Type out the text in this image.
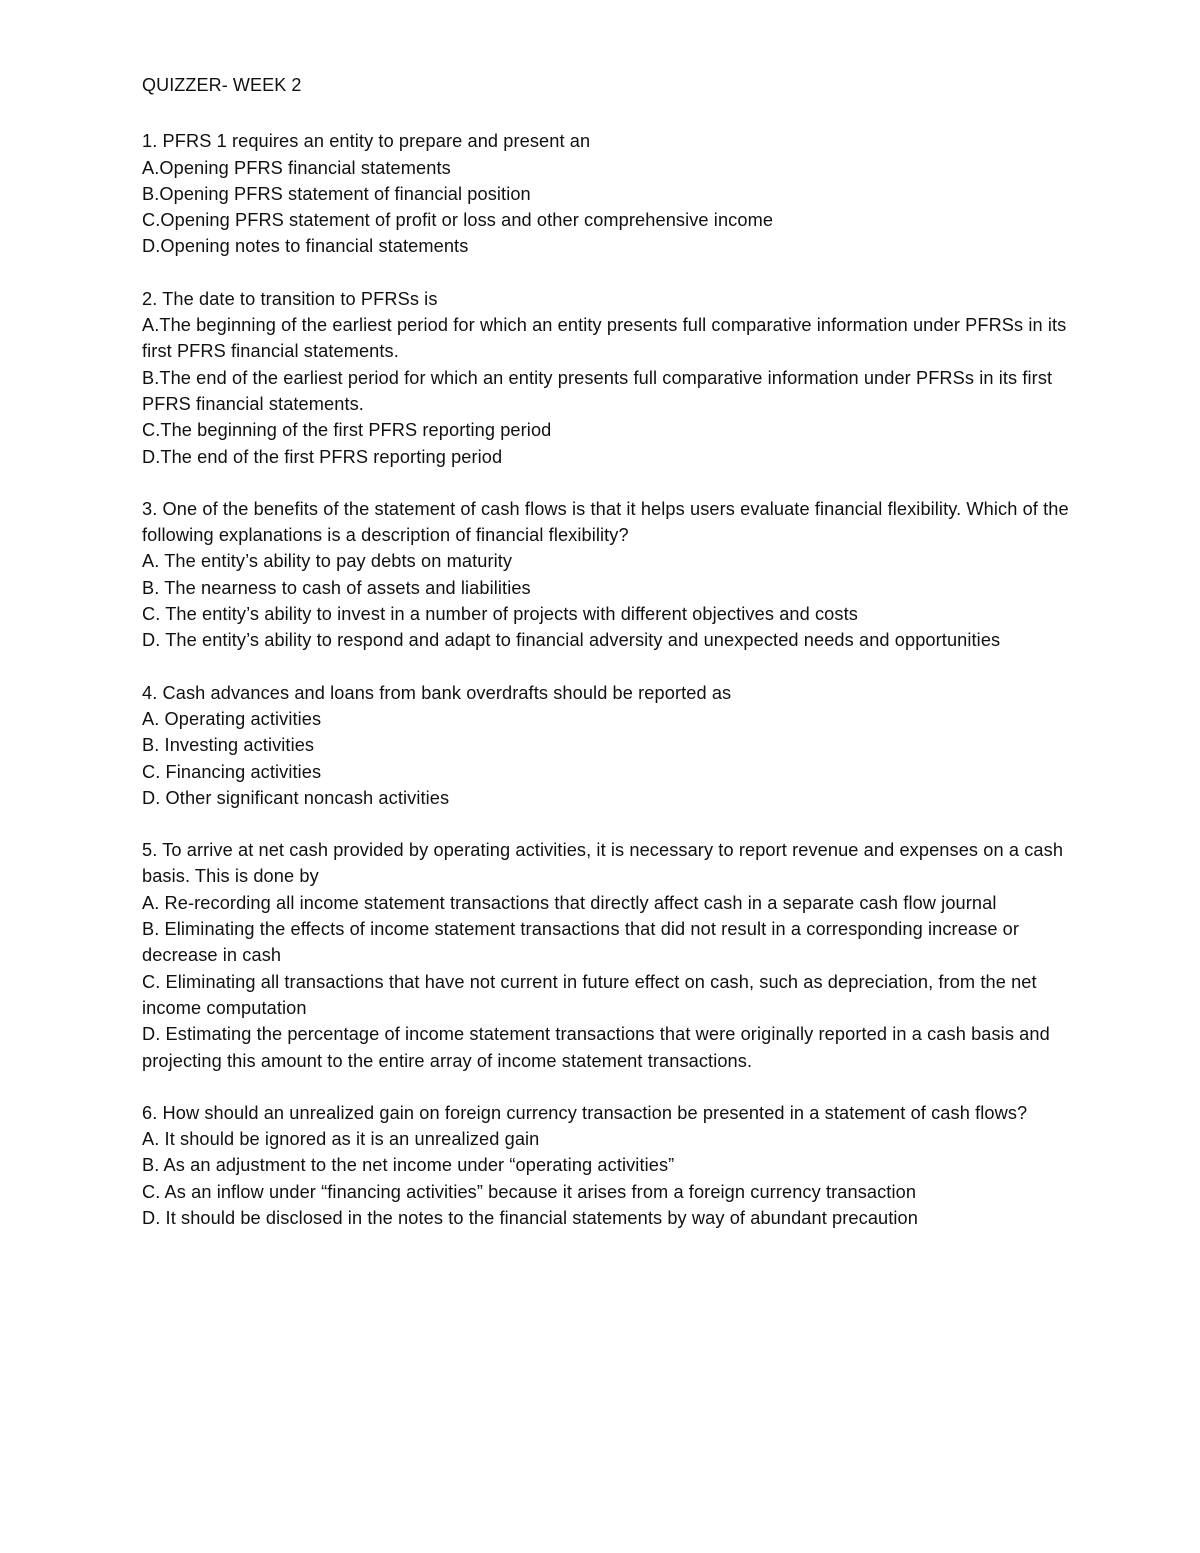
QUIZZER- WEEK 2
1. PFRS 1 requires an entity to prepare and present an
A.Opening PFRS financial statements
B.Opening PFRS statement of financial position
C.Opening PFRS statement of profit or loss and other comprehensive income
D.Opening notes to financial statements
2. The date to transition to PFRSs is
A.The beginning of the earliest period for which an entity presents full comparative information under PFRSs in its first PFRS financial statements.
B.The end of the earliest period for which an entity presents full comparative information under PFRSs in its first PFRS financial statements.
C.The beginning of the first PFRS reporting period
D.The end of the first PFRS reporting period
3. One of the benefits of the statement of cash flows is that it helps users evaluate financial flexibility. Which of the following explanations is a description of financial flexibility?
A. The entity’s ability to pay debts on maturity
B. The nearness to cash of assets and liabilities
C. The entity’s ability to invest in a number of projects with different objectives and costs
D. The entity’s ability to respond and adapt to financial adversity and unexpected needs and opportunities
4. Cash advances and loans from bank overdrafts should be reported as
A. Operating activities
B. Investing activities
C. Financing activities
D. Other significant noncash activities
5. To arrive at net cash provided by operating activities, it is necessary to report revenue and expenses on a cash basis. This is done by
A. Re-recording all income statement transactions that directly affect cash in a separate cash flow journal
B. Eliminating the effects of income statement transactions that did not result in a corresponding increase or decrease in cash
C. Eliminating all transactions that have not current in future effect on cash, such as depreciation, from the net income computation
D. Estimating the percentage of income statement transactions that were originally reported in a cash basis and projecting this amount to the entire array of income statement transactions.
6. How should an unrealized gain on foreign currency transaction be presented in a statement of cash flows?
A. It should be ignored as it is an unrealized gain
B. As an adjustment to the net income under “operating activities”
C. As an inflow under “financing activities” because it arises from a foreign currency transaction
D. It should be disclosed in the notes to the financial statements by way of abundant precaution
